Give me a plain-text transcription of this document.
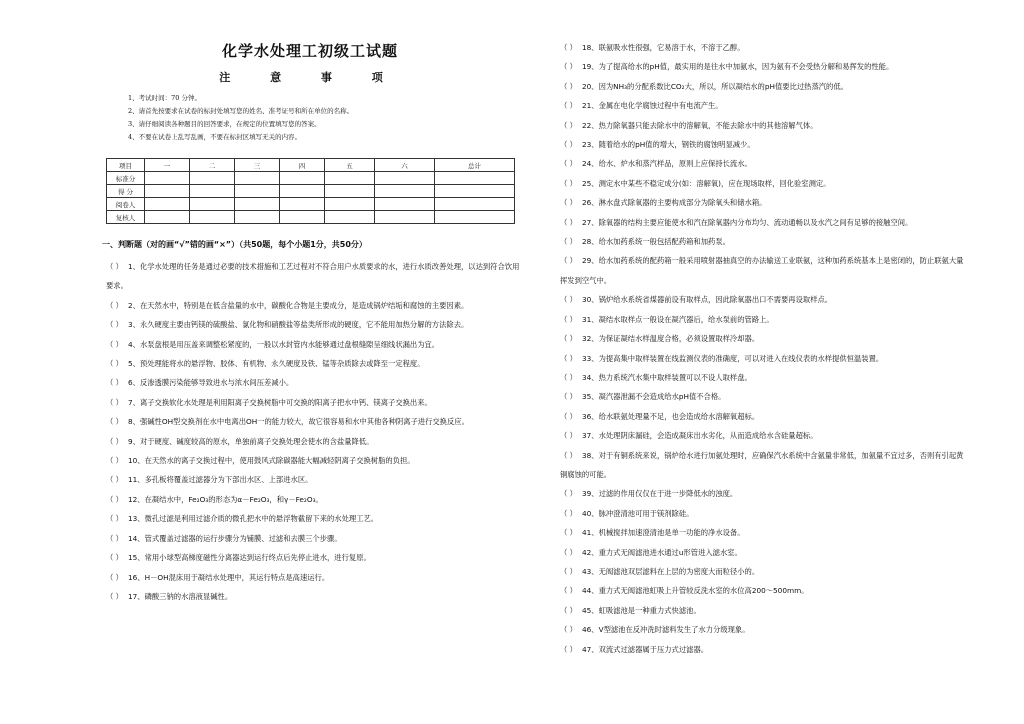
化学水处理工初级工试题
注 意 事 项
1、考试时间：70 分钟。
2、请首先按要求在试卷的标封处填写您的姓名、准考证号和所在单位的名称。
3、请仔细阅读各种题目的回答要求，在规定的位置填写您的答案。
4、不要在试卷上乱写乱画，不要在标封区填写无关的内容。
项目	一	二	三	四	五	六	总计
标准分							
得 分							
阅卷人							
复核人							
一、判断题（对的画“√”错的画“×”）（共50题，每个小题1分，共50分）
（ ） 1、化学水处理的任务是通过必要的技术措施和工艺过程对不符合用户水质要求的水，进行水质改善处理，以达到符合饮用要求。
（ ） 2、在天然水中，特别是在低含盐量的水中，碳酸化合物是主要成分，是造成锅炉结垢和腐蚀的主要因素。
（ ） 3、永久硬度主要由钙镁的硫酸盐、氯化物和硝酸盐等盐类所形成的硬度，它不能用加热分解的方法除去。
（ ） 4、水泵盘根是用压盖来调整松紧度的，一般以水封管内水能够通过盘根缝隙呈细线状漏出为宜。
（ ） 5、预处理能将水的悬浮物、胶体、有机物、永久硬度及铁、锰等杂质除去或降至一定程度。
（ ） 6、反渗透膜污染能够导致进水与浓水间压差减小。
（ ） 7、离子交换软化水处理是利用阳离子交换树脂中可交换的阳离子把水中钙、镁离子交换出来。
（ ） 8、强碱性OH型交换剂在水中电离出OH一的能力较大，故它很容易和水中其他各种阴离子进行交换反应。
（ ） 9、对于硬度、碱度较高的原水，单独前离子交换处理会使水的含盐量降低。
（ ） 10、在天然水的离子交换过程中，使用鼓风式除碳器能大幅减轻阴离子交换树脂的负担。
（ ） 11、多孔板将覆盖过滤器分为下部出水区、上部进水区。
（ ） 12、在凝结水中，Fe₂O₃的形态为α－Fe₂O₃，和γ－Fe₂O₃。
（ ） 13、微孔过滤是利用过滤介质的微孔把水中的悬浮物截留下来的水处理工艺。
（ ） 14、管式覆盖过滤器的运行步骤分为铺膜、过滤和去膜三个步骤。
（ ） 15、常用小球型高梯度磁性分离器达到运行终点后先停止进水，进行复原。
（ ） 16、H－OH混床用于凝结水处理中，其运行特点是高速运行。
（ ） 17、磷酸三钠的水溶液显碱性。
（ ） 18、联氨吸水性很强，它易溶于水，不溶于乙醇。
（ ） 19、为了提高给水的pH值，最实用的是往水中加氨水，因为氨有不会受热分解和易挥发的性能。
（ ） 20、因为NH₃的分配系数比CO₂大，所以，所以凝结水的pH值要比过热蒸汽的低。
（ ） 21、金属在电化学腐蚀过程中有电流产生。
（ ） 22、热力除氧器只能去除水中的溶解氧，不能去除水中的其他溶解气体。
（ ） 23、随着给水的pH值的增大，钢铁的腐蚀明显减少。
（ ） 24、给水、炉水和蒸汽样品，原则上应保持长流水。
（ ） 25、测定水中某些不稳定成分(如：溶解氧)，应在现场取样，回化验室测定。
（ ） 26、淋水盘式除氧器的主要构成部分为除氧头和储水箱。
（ ） 27、除氧器的结构主要应能使水和汽在除氧器内分布均匀、流动通畅以及水汽之间有足够的接触空间。
（ ） 28、给水加药系统一般包括配药箱和加药泵。
（ ） 29、给水加药系统的配药箱一般采用喷射器抽真空的办法输送工业联氨，这种加药系统基本上是密闭的，防止联氨大量挥发到空气中。
（ ） 30、锅炉给水系统省煤器前设有取样点，因此除氧器出口不需要再设取样点。
（ ） 31、凝结水取样点一般设在凝汽器后，给水泵前的管路上。
（ ） 32、为保证凝结水样温度合格，必须设置取样冷却器。
（ ） 33、为提高集中取样装置在线监测仪表的准确度，可以对进入在线仪表的水样提供恒温装置。
（ ） 34、热力系统汽水集中取样装置可以不设人取样盘。
（ ） 35、凝汽器泄漏不会造成给水pH值不合格。
（ ） 36、给水联氨处理量不足，也会造成给水溶解氧超标。
（ ） 37、水处理阴床漏硅，会造成凝床出水劣化，从而造成给水含硅量超标。
（ ） 38、对于有铜系统来说，锅炉给水进行加氨处理时，应确保汽水系统中含氨量非常低，加氨量不宜过多，否则有引起黄铜腐蚀的可能。
（ ） 39、过滤的作用仅仅在于进一步降低水的浊度。
（ ） 40、脉冲澄清池可用于镁剂除硅。
（ ） 41、机械搅拌加速澄清池是单一功能的净水设备。
（ ） 42、重力式无阀滤池进水通过u形管进入滤水室。
（ ） 43、无阀滤池双层滤料在上层的为密度大而粒径小的。
（ ） 44、重力式无阀滤池虹吸上升管较反洗水室的水位高200～500mm。
（ ） 45、虹吸滤池是一种重力式快滤池。
（ ） 46、V型滤池在反冲洗时滤料发生了水力分级现象。
（ ） 47、双流式过滤器属于压力式过滤器。
